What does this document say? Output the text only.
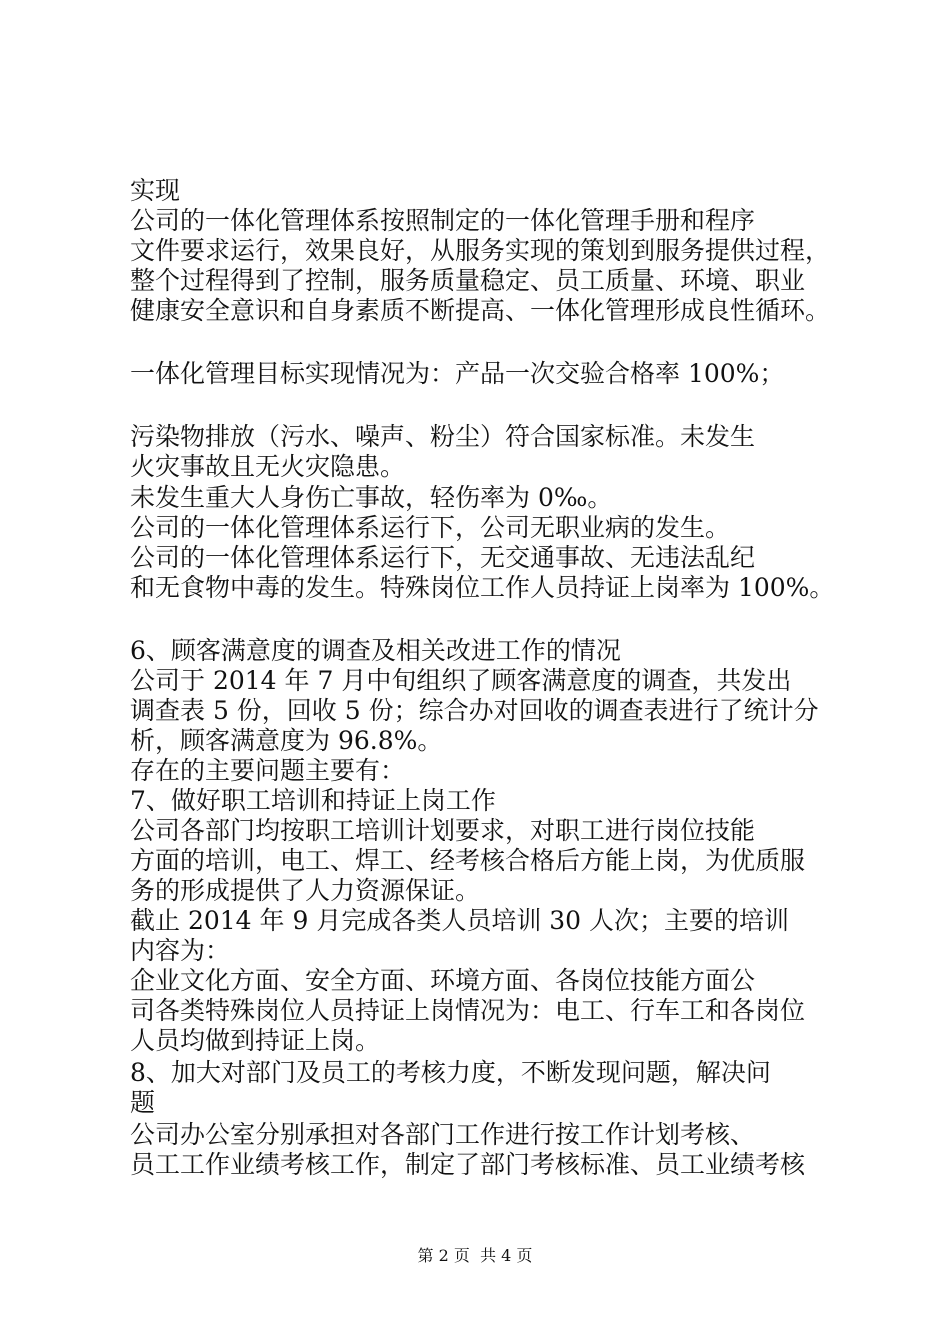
实现
公司的一体化管理体系按照制定的一体化管理手册和程序
文件要求运行，效果良好，从服务实现的策划到服务提供过程，
整个过程得到了控制，服务质量稳定、员工质量、环境、职业
健康安全意识和自身素质不断提高、一体化管理形成良性循环。
一体化管理目标实现情况为：产品一次交验合格率 100%；
污染物排放（污水、噪声、粉尘）符合国家标准。未发生
火灾事故且无火灾隐患。
未发生重大人身伤亡事故，轻伤率为 0‰。
公司的一体化管理体系运行下，公司无职业病的发生。
公司的一体化管理体系运行下，无交通事故、无违法乱纪
和无食物中毒的发生。特殊岗位工作人员持证上岗率为 100%。
6、顾客满意度的调查及相关改进工作的情况
公司于 2014 年 7 月中旬组织了顾客满意度的调查，共发出
调查表 5 份，回收 5 份；综合办对回收的调查表进行了统计分
析，顾客满意度为 96.8%。
存在的主要问题主要有：
7、做好职工培训和持证上岗工作
公司各部门均按职工培训计划要求，对职工进行岗位技能
方面的培训，电工、焊工、经考核合格后方能上岗，为优质服
务的形成提供了人力资源保证。
截止 2014 年 9 月完成各类人员培训 30 人次；主要的培训
内容为：
企业文化方面、安全方面、环境方面、各岗位技能方面公
司各类特殊岗位人员持证上岗情况为：电工、行车工和各岗位
人员均做到持证上岗。
8、加大对部门及员工的考核力度，不断发现问题，解决问
题
公司办公室分别承担对各部门工作进行按工作计划考核、
员工工作业绩考核工作，制定了部门考核标准、员工业绩考核
第 2 页  共 4 页
